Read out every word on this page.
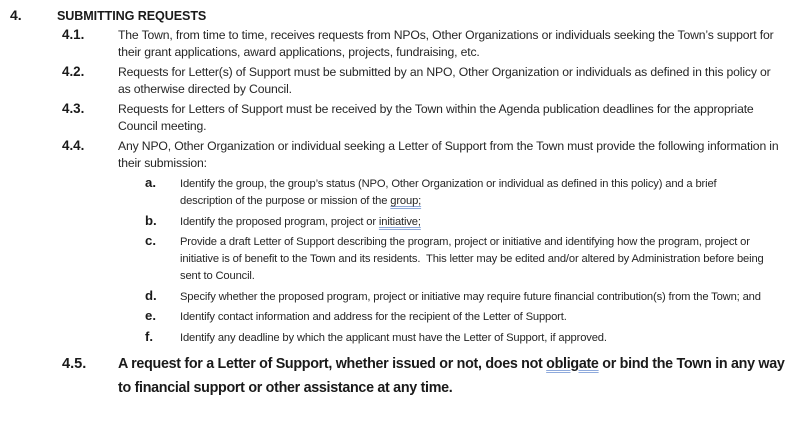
4.	SUBMITTING REQUESTS
4.1.	The Town, from time to time, receives requests from NPOs, Other Organizations or individuals seeking the Town’s support for their grant applications, award applications, projects, fundraising, etc.

4.2.	Requests for Letter(s) of Support must be submitted by an NPO, Other Organization or individuals as defined in this policy or as otherwise directed by Council.

4.3.	Requests for Letters of Support must be received by the Town within the Agenda publication deadlines for the appropriate Council meeting.

4.4.	Any NPO, Other Organization or individual seeking a Letter of Support from the Town must provide the following information in their submission:

a.	Identify the group, the group’s status (NPO, Other Organization or individual as defined in this policy) and a brief description of the purpose or mission of the group;

b.	Identify the proposed program, project or initiative;

c.	Provide a draft Letter of Support describing the program, project or initiative and identifying how the program, project or initiative is of benefit to the Town and its residents.  This letter may be edited and/or altered by Administration before being sent to Council.

d.	Specify whether the proposed program, project or initiative may require future financial contribution(s) from the Town; and

e.	Identify contact information and address for the recipient of the Letter of Support.

f.	Identify any deadline by which the applicant must have the Letter of Support, if approved.

4.5.	A request for a Letter of Support, whether issued or not, does not obligate or bind the Town in any way to financial support or other assistance at any time.
